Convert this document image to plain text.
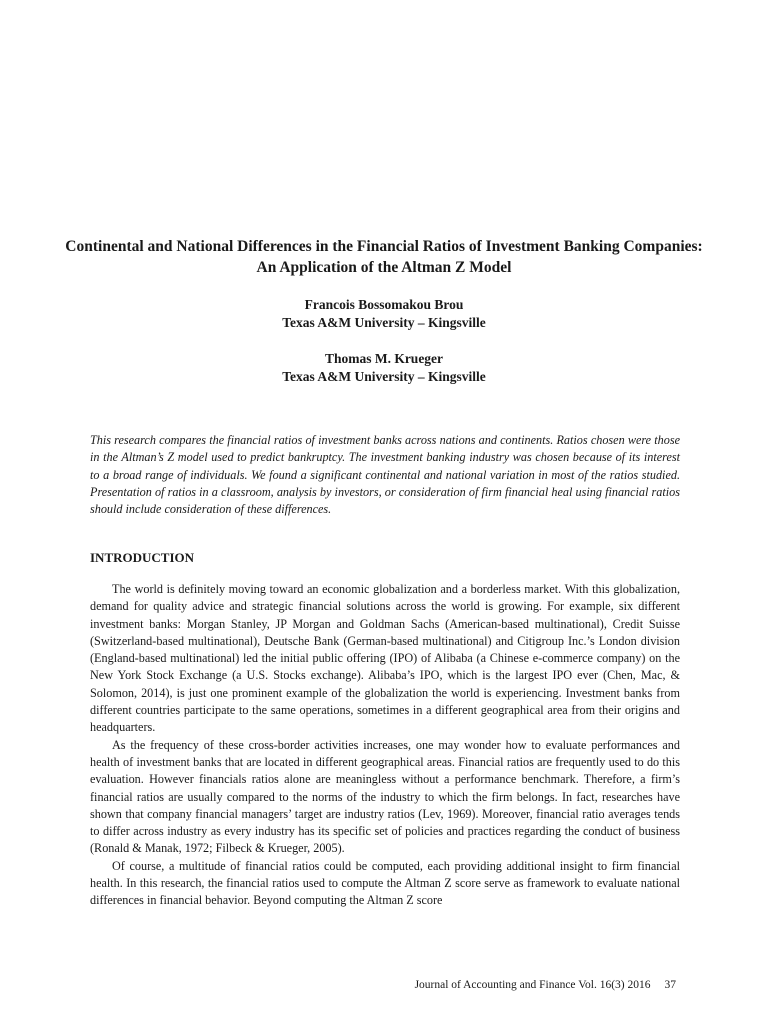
Continental and National Differences in the Financial Ratios of Investment Banking Companies: An Application of the Altman Z Model
Francois Bossomakou Brou
Texas A&M University – Kingsville
Thomas M. Krueger
Texas A&M University – Kingsville
This research compares the financial ratios of investment banks across nations and continents. Ratios chosen were those in the Altman’s Z model used to predict bankruptcy. The investment banking industry was chosen because of its interest to a broad range of individuals. We found a significant continental and national variation in most of the ratios studied. Presentation of ratios in a classroom, analysis by investors, or consideration of firm financial heal using financial ratios should include consideration of these differences.
INTRODUCTION

The world is definitely moving toward an economic globalization and a borderless market. With this globalization, demand for quality advice and strategic financial solutions across the world is growing. For example, six different investment banks: Morgan Stanley, JP Morgan and Goldman Sachs (American-based multinational), Credit Suisse (Switzerland-based multinational), Deutsche Bank (German-based multinational) and Citigroup Inc.’s London division (England-based multinational) led the initial public offering (IPO) of Alibaba (a Chinese e-commerce company) on the New York Stock Exchange (a U.S. Stocks exchange). Alibaba’s IPO, which is the largest IPO ever (Chen, Mac, & Solomon, 2014), is just one prominent example of the globalization the world is experiencing. Investment banks from different countries participate to the same operations, sometimes in a different geographical area from their origins and headquarters.

As the frequency of these cross-border activities increases, one may wonder how to evaluate performances and health of investment banks that are located in different geographical areas. Financial ratios are frequently used to do this evaluation. However financials ratios alone are meaningless without a performance benchmark. Therefore, a firm’s financial ratios are usually compared to the norms of the industry to which the firm belongs. In fact, researches have shown that company financial managers’ target are industry ratios (Lev, 1969). Moreover, financial ratio averages tends to differ across industry as every industry has its specific set of policies and practices regarding the conduct of business (Ronald & Manak, 1972; Filbeck & Krueger, 2005).

Of course, a multitude of financial ratios could be computed, each providing additional insight to firm financial health. In this research, the financial ratios used to compute the Altman Z score serve as framework to evaluate national differences in financial behavior. Beyond computing the Altman Z score

Journal of Accounting and Finance Vol. 16(3) 2016 37
